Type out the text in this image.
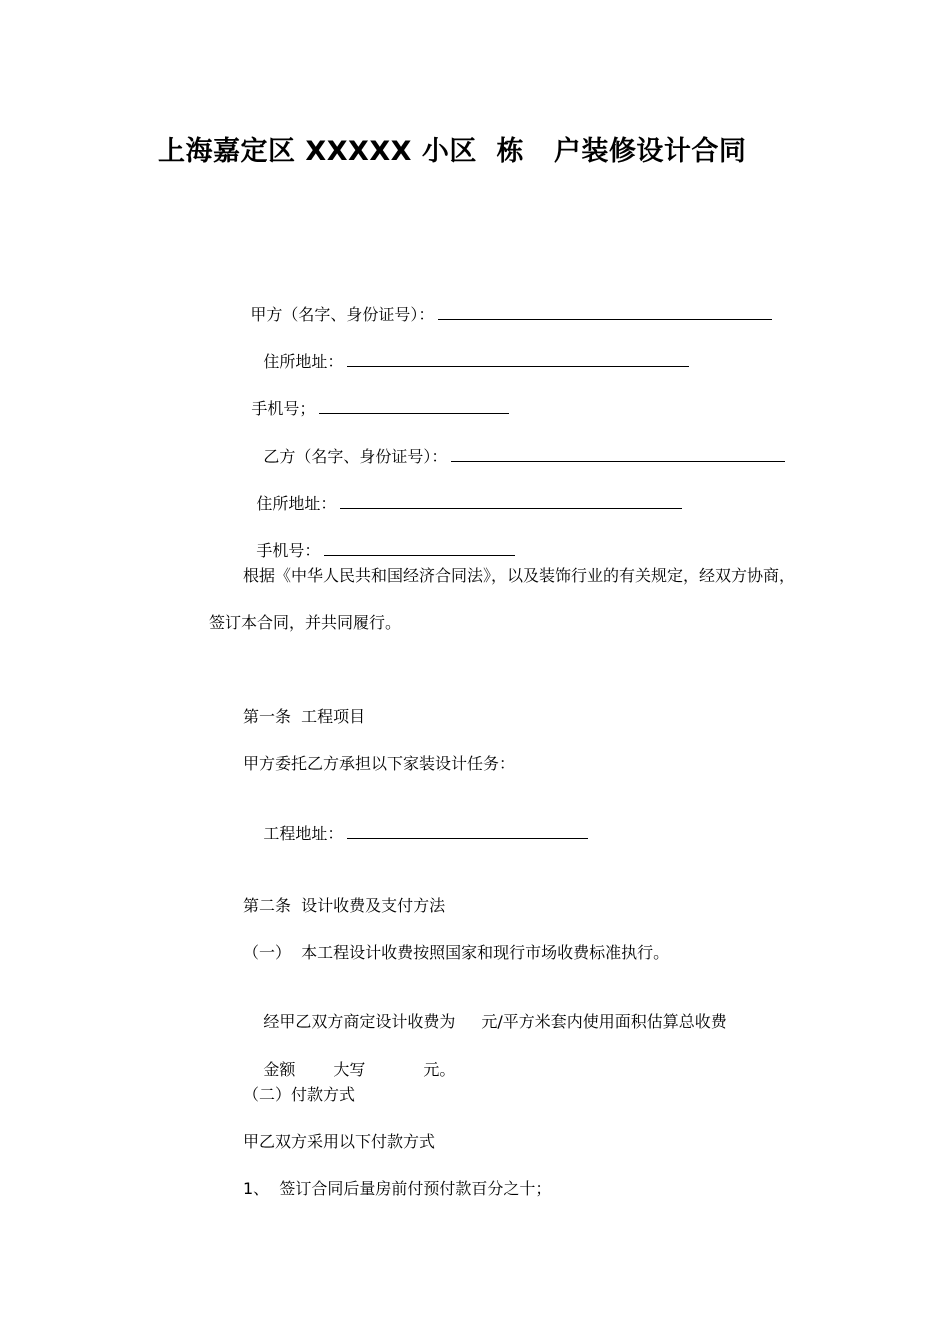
上海嘉定区 XXXXX 小区  栋   户装修设计合同

甲方（名字、身份证号）：

住所地址：

手机号；

乙方（名字、身份证号）：

住所地址：

手机号：

根据《中华人民共和国经济合同法》，以及装饰行业的有关规定，经双方协商，
签订本合同，并共同履行。
第一条  工程项目
甲方委托乙方承担以下家装设计任务：

工程地址：

第二条  设计收费及支付方法
（一）  本工程设计收费按照国家和现行市场收费标准执行。

经甲乙双方商定设计收费为 元/平方米套内使用面积估算总收费

金额 大写	元。

（二）付款方式
甲乙双方采用以下付款方式
1、  签订合同后量房前付预付款百分之十；
